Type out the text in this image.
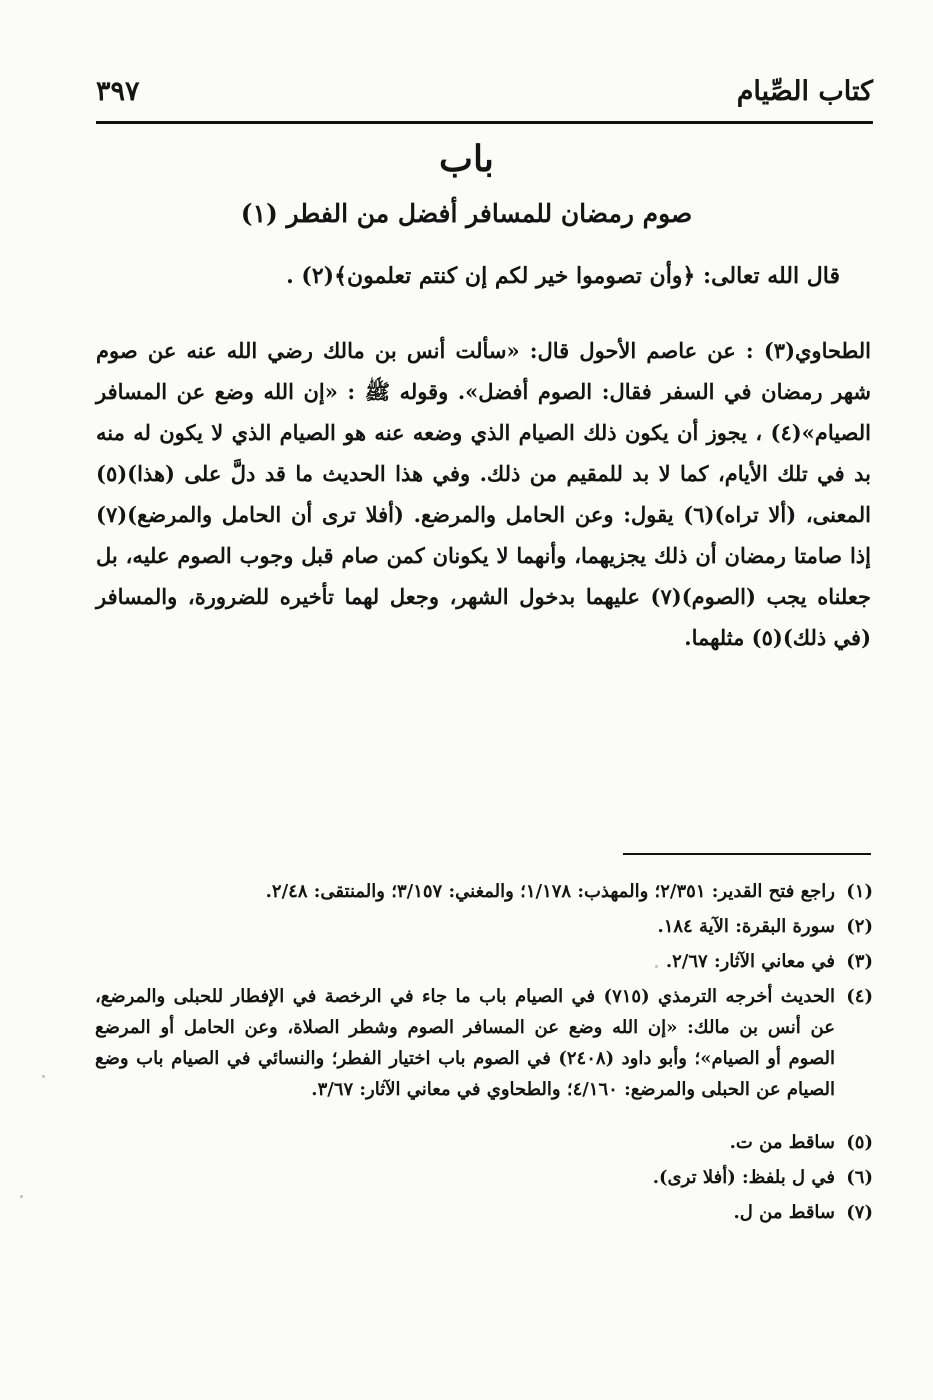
كتاب الصِّيام
٣٩٧
باب
صوم رمضان للمسافر أفضل من الفطر (١)
قال الله تعالى: ﴿وأن تصوموا خير لكم إن كنتم تعلمون﴾(٢) .
الطحاوي(٣) : عن عاصم الأحول قال: «سألت أنس بن مالك رضي الله عنه عن صوم شهر رمضان في السفر فقال: الصوم أفضل». وقوله ﷺ : «إن الله وضع عن المسافر الصيام»(٤) ، يجوز أن يكون ذلك الصيام الذي وضعه عنه هو الصيام الذي لا يكون له منه بد في تلك الأيام، كما لا بد للمقيم من ذلك. وفي هذا الحديث ما قد دلَّ على (هذا)(٥) المعنى، (ألا تراه)(٦) يقول: وعن الحامل والمرضع. (أفلا ترى أن الحامل والمرضع)(٧) إذا صامتا رمضان أن ذلك يجزيهما، وأنهما لا يكونان كمن صام قبل وجوب الصوم عليه، بل جعلناه يجب (الصوم)(٧) عليهما بدخول الشهر، وجعل لهما تأخيره للضرورة، والمسافر (في ذلك)(٥) مثلهما.
(١)
راجع فتح القدير: ٢/٣٥١؛ والمهذب: ١/١٧٨؛ والمغني: ٣/١٥٧؛ والمنتقى: ٢/٤٨.
(٢)
سورة البقرة: الآية ١٨٤.
(٣)
في معاني الآثار: ٢/٦٧.
(٤)
الحديث أخرجه الترمذي (٧١٥) في الصيام باب ما جاء في الرخصة في الإفطار للحبلى والمرضع، عن أنس بن مالك: «إن الله وضع عن المسافر الصوم وشطر الصلاة، وعن الحامل أو المرضع الصوم أو الصيام»؛ وأبو داود (٢٤٠٨) في الصوم باب اختيار الفطر؛ والنسائي في الصيام باب وضع الصيام عن الحبلى والمرضع: ٤/١٦٠؛ والطحاوي في معاني الآثار: ٣/٦٧.
(٥)
ساقط من ت.
(٦)
في ل بلفظ: (أفلا ترى).
(٧)
ساقط من ل.
